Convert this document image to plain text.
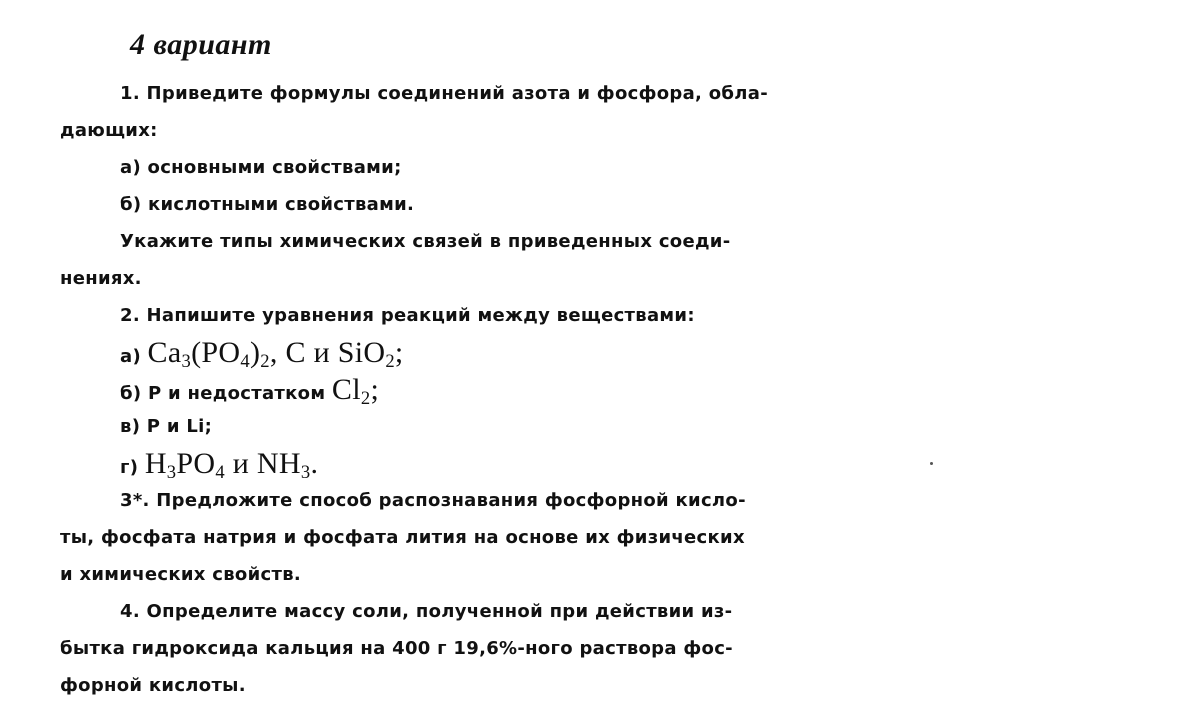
4 вариант
1. Приведите формулы соединений азота и фосфора, обла-
дающих:
а) основными свойствами;
б) кислотными свойствами.
Укажите типы химических связей в приведенных соеди-
нениях.
2. Напишите уравнения реакций между веществами:
а) $Ca_3(PO_4)_2$, C и SiO$_2$;
б) Р и недостатком $Cl_2$;
в) Р и Li;
г) $H_3PO_4$ и $NH_3$.
3*. Предложите способ распознавания фосфорной кисло-
ты, фосфата натрия и фосфата лития на основе их физических
и химических свойств.
4. Определите массу соли, полученной при действии из-
бытка гидроксида кальция на 400 г 19,6%-ного раствора фос-
форной кислоты.
